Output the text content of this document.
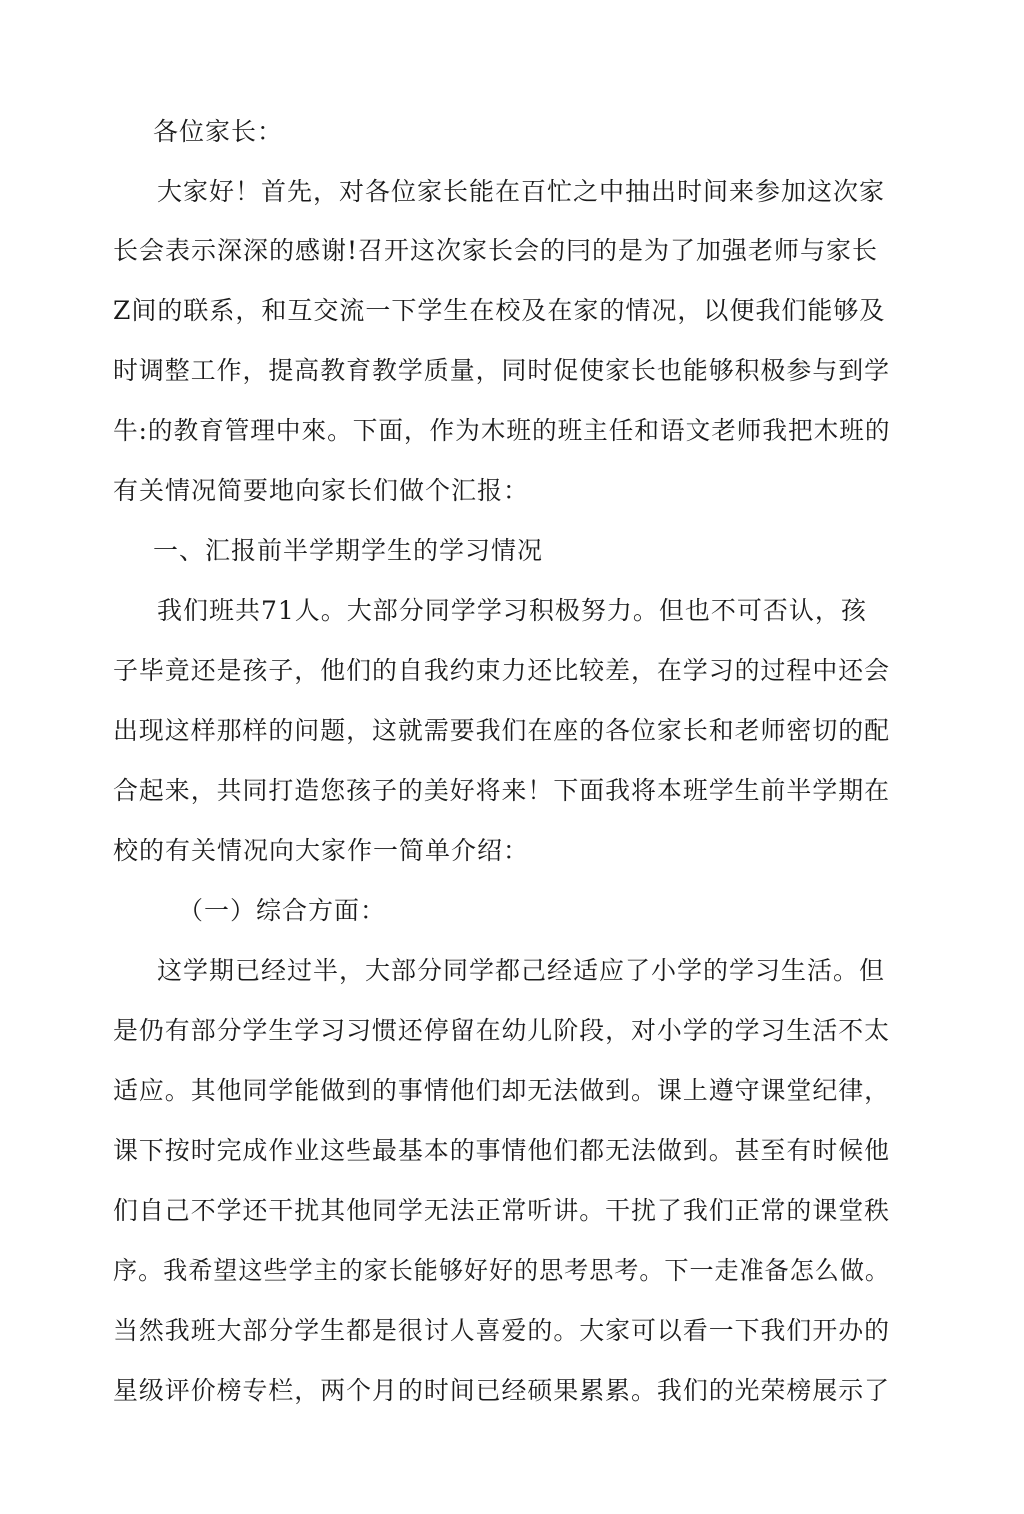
各位家长：
大家好！首先，对各位家长能在百忙之中抽出时间来参加这次家
长会表示深深的感谢!召开这次家长会的冃的是为了加强老师与家长
Z间的联系，和互交流一下学生在校及在家的情况，以便我们能够及
时调整工作，提高教育教学质量，同时促使家长也能够积极参与到学
牛:的教育管理中來。下面，作为木班的班主任和语文老师我把木班的
有关情况简要地向家长们做个汇报：
一、汇报前半学期学生的学习情况
我们班共71人。大部分同学学习积极努力。但也不可否认，孩
子毕竟还是孩子，他们的自我约束力还比较差，在学习的过程中还会
出现这样那样的问题，这就需要我们在座的各位家长和老师密切的配
合起来，共同打造您孩子的美好将来！下面我将本班学生前半学期在
校的有关情况向大家作一简单介绍：
（一）综合方面：
这学期已经过半，大部分同学都己经适应了小学的学习生活。但
是仍有部分学生学习习惯还停留在幼儿阶段，对小学的学习生活不太
适应。其他同学能做到的事情他们却无法做到。课上遵守课堂纪律，
课下按时完成作业这些最基本的事情他们都无法做到。甚至有时候他
们自己不学还干扰其他同学无法正常听讲。干扰了我们正常的课堂秩
序。我希望这些学主的家长能够好好的思考思考。下一走准备怎么做。
当然我班大部分学生都是很讨人喜爱的。大家可以看一下我们开办的
星级评价榜专栏，两个月的时间已经硕果累累。我们的光荣榜展示了
